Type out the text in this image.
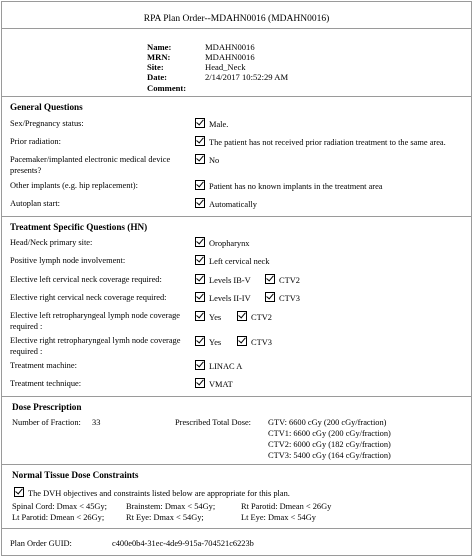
RPA Plan Order--MDAHN0016 (MDAHN0016)
Name:	MDAHN0016
MRN:	MDAHN0016
Site:	Head_Neck
Date:	2/14/2017 10:52:29 AM
Comment:
General Questions
Sex/Pregnancy status:	Male.
Prior radiation:	The patient has not received prior radiation treatment to the same area.
Pacemaker/implanted electronic medical device presents?
No
Other implants (e.g. hip replacement):	Patient has no known implants in the treatment area
Autoplan start:	Automatically
Treatment Specific Questions (HN)
Head/Neck primary site:	Oropharynx
Positive lymph node involvement:	Left cervical neck
Elective left cervical neck coverage required:	Levels IB-V	CTV2
Elective right cervical neck coverage required:	Levels II-IV	CTV3
Elective left retropharyngeal lymph node coverage required :
Yes	CTV2
Elective right retropharyngeal lymh node coverage required :
Yes	CTV3
Treatment machine:	LINAC A
Treatment technique:	VMAT
Dose Prescription
Number of Fraction: 33	Prescribed Total Dose: GTV: 6600 cGy (200 cGy/fraction)
CTV1: 6600 cGy (200 cGy/fraction)
CTV2: 6000 cGy (182 cGy/fraction)
CTV3: 5400 cGy (164 cGy/fraction)
Normal Tissue Dose Constraints
The DVH objectives and constraints listed below are appropriate for this plan.
Spinal Cord: Dmax < 45Gy; Brainstem: Dmax < 54Gy;	Rt Parotid: Dmean < 26Gy
Lt Parotid: Dmean < 26Gy;	Rt Eye: Dmax < 54Gy;	Lt Eye: Dmax < 54Gy
Plan Order GUID:	c400e0b4-31ec-4de9-915a-704521c6223b
